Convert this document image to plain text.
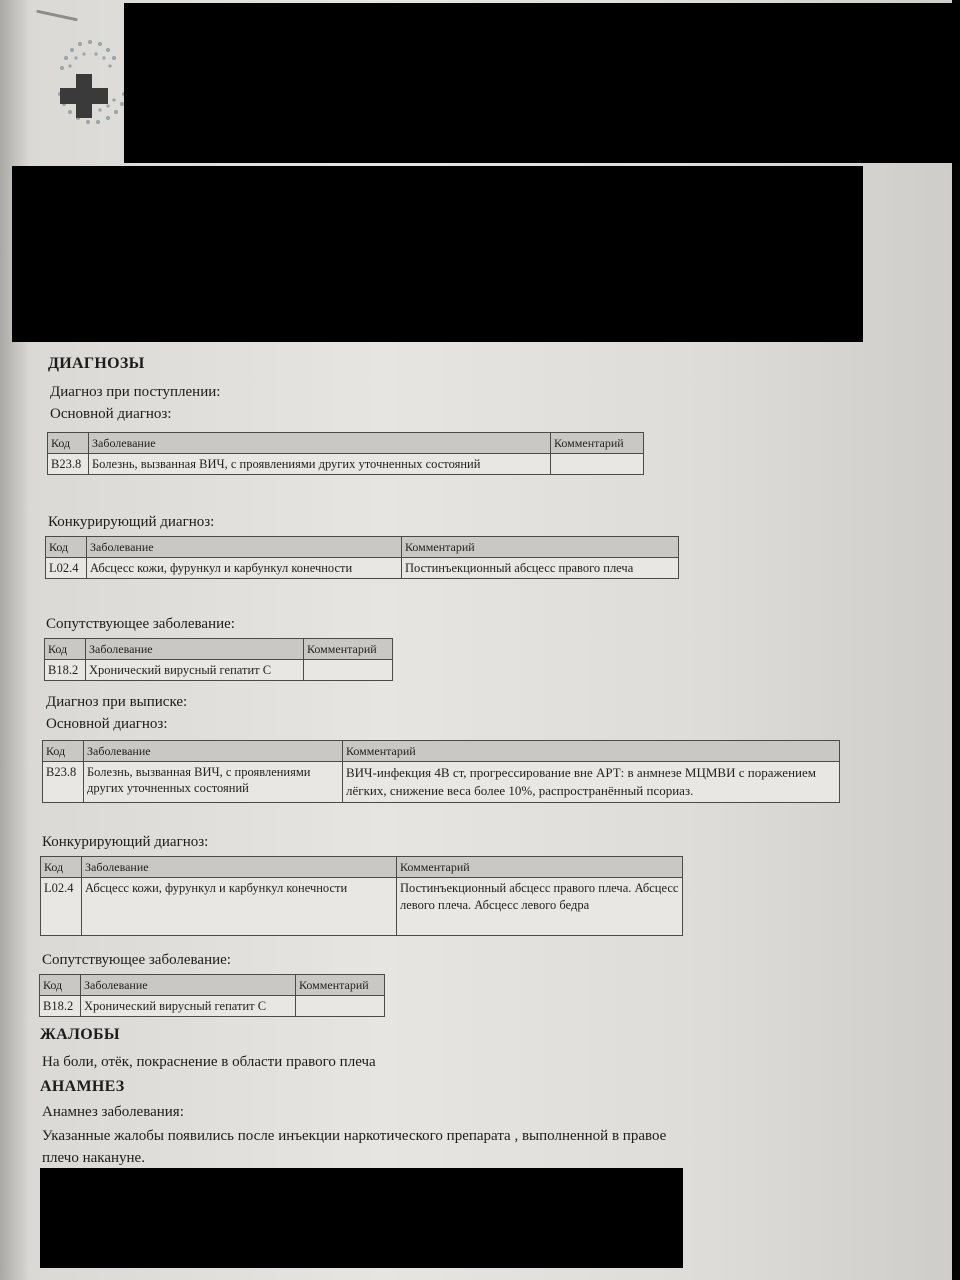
ДИАГНОЗЫ
Диагноз при поступлении:
Основной диагноз:
Код	Заболевание	Комментарий
B23.8	Болезнь, вызванная ВИЧ, с проявлениями других уточненных состояний	
Конкурирующий диагноз:
Код	Заболевание	Комментарий
L02.4	Абсцесс кожи, фурункул и карбункул конечности	Постинъекционный абсцесс правого плеча
Сопутствующее заболевание:
Код	Заболевание	Комментарий
B18.2	Хронический вирусный гепатит С	
Диагноз при выписке:
Основной диагноз:
Код	Заболевание	Комментарий
B23.8	Болезнь, вызванная ВИЧ, с проявлениями других уточненных состояний	ВИЧ-инфекция 4В ст, прогрессирование вне АРТ: в анмнезе МЦМВИ с поражением лёгких, снижение веса более 10%, распространённый псориаз.
Конкурирующий диагноз:
Код	Заболевание	Комментарий
L02.4	Абсцесс кожи, фурункул и карбункул конечности	Постинъекционный абсцесс правого плеча. Абсцесс левого плеча. Абсцесс левого бедра
Сопутствующее заболевание:
Код	Заболевание	Комментарий
B18.2	Хронический вирусный гепатит С	
ЖАЛОБЫ
На боли, отёк, покраснение в области правого плеча
АНАМНЕЗ
Анамнез заболевания:
Указанные жалобы появились после инъекции наркотического препарата , выполненной в правое
плечо накануне.
